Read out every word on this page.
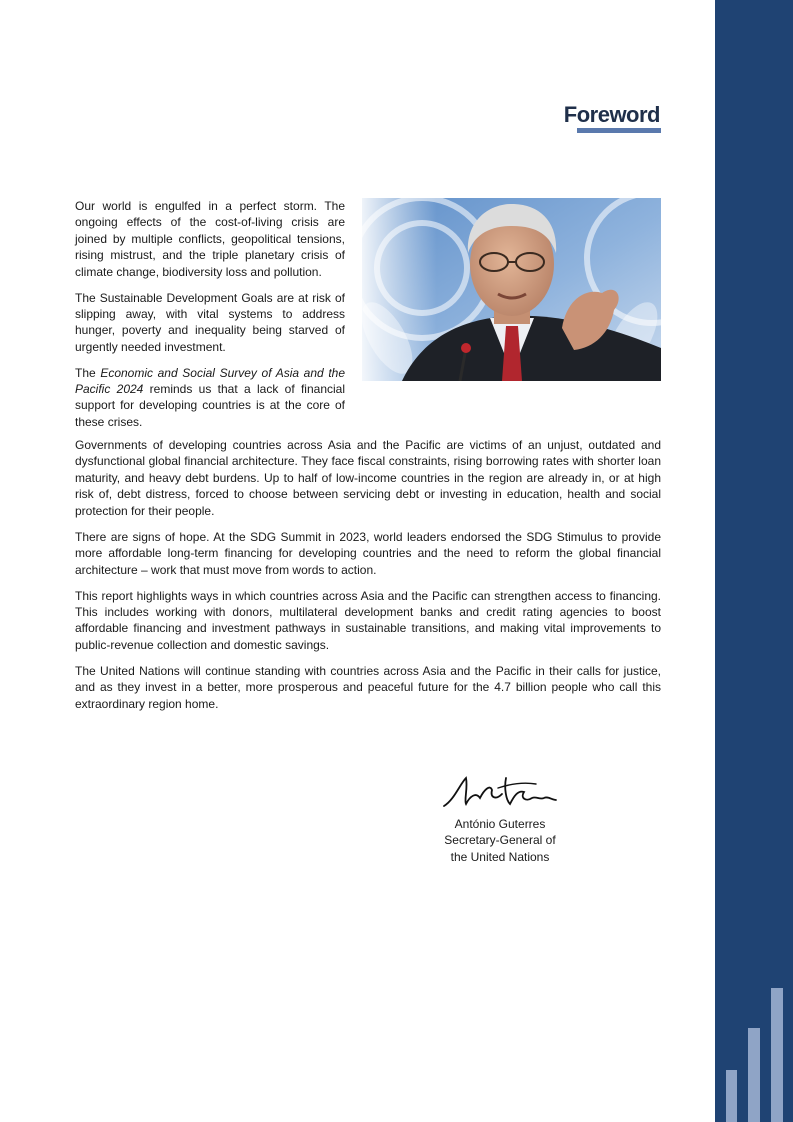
Foreword

Our world is engulfed in a perfect storm. The ongoing effects of the cost-of-living crisis are joined by multiple conflicts, geopolitical tensions, rising mistrust, and the triple planetary crisis of climate change, biodiversity loss and pollution.

The Sustainable Development Goals are at risk of slipping away, with vital systems to address hunger, poverty and inequality being starved of urgently needed investment.

The Economic and Social Survey of Asia and the Pacific 2024 reminds us that a lack of financial support for developing countries is at the core of these crises.

Governments of developing countries across Asia and the Pacific are victims of an unjust, outdated and dysfunctional global financial architecture. They face fiscal constraints, rising borrowing rates with shorter loan maturity, and heavy debt burdens. Up to half of low-income countries in the region are already in, or at high risk of, debt distress, forced to choose between servicing debt or investing in education, health and social protection for their people.

There are signs of hope. At the SDG Summit in 2023, world leaders endorsed the SDG Stimulus to provide more affordable long-term financing for developing countries and the need to reform the global financial architecture – work that must move from words to action.

This report highlights ways in which countries across Asia and the Pacific can strengthen access to financing. This includes working with donors, multilateral development banks and credit rating agencies to boost affordable financing and investment pathways in sustainable transitions, and making vital improvements to public-revenue collection and domestic savings.

The United Nations will continue standing with countries across Asia and the Pacific in their calls for justice, and as they invest in a better, more prosperous and peaceful future for the 4.7 billion people who call this extraordinary region home.

António Guterres

Secretary-General of

the United Nations
